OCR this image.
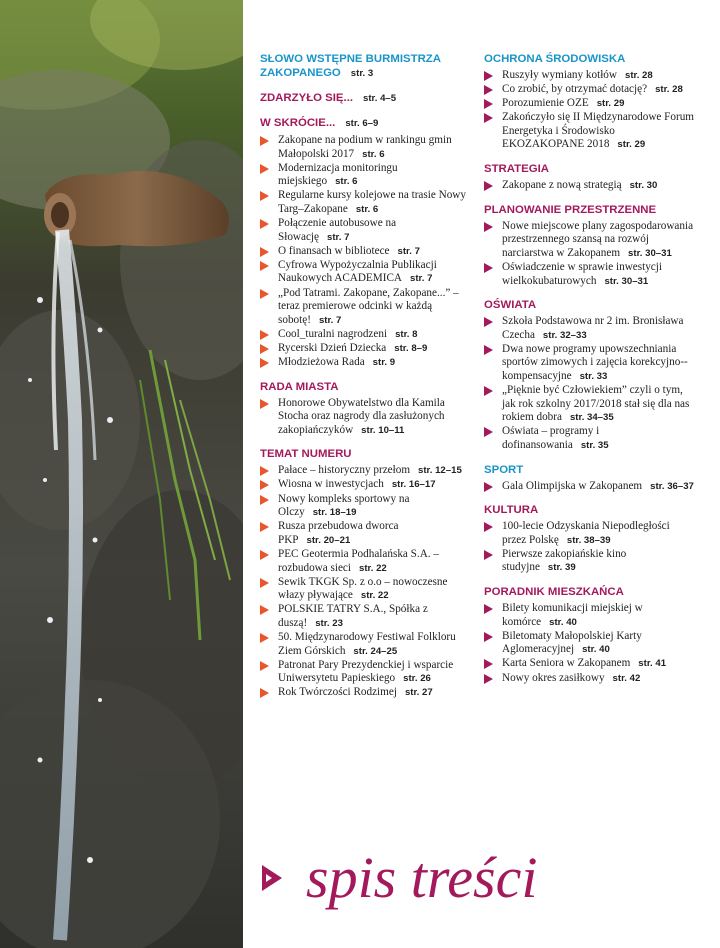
SŁOWO WSTĘPNE BURMISTRZA ZAKOPANEGO str. 3
ZDARZYŁO SIĘ... str. 4–5
W SKRÓCIE... str. 6–9
Zakopane na podium w rankingu gmin Małopolski 2017 str. 6
Modernizacja monitoringu miejskiego str. 6
Regularne kursy kolejowe na trasie Nowy Targ–Zakopane str. 6
Połączenie autobusowe na Słowację str. 7
O finansach w bibliotece str. 7
Cyfrowa Wypożyczalnia Publikacji Naukowych ACADEMICA str. 7
„Pod Tatrami. Zakopane, Zakopane...” – teraz premierowe odcinki w każdą sobotę! str. 7
Cool_turalni nagrodzeni str. 8
Rycerski Dzień Dziecka str. 8–9
Młodzieżowa Rada str. 9
RADA MIASTA
Honorowe Obywatelstwo dla Kamila Stocha oraz nagrody dla zasłużonych zakopiańczyków str. 10–11
TEMAT NUMERU
Pałace – historyczny przełom str. 12–15
Wiosna w inwestycjach str. 16–17
Nowy kompleks sportowy na Olczy str. 18–19
Rusza przebudowa dworca PKP str. 20–21
PEC Geotermia Podhalańska S.A. – rozbudowa sieci str. 22
Sewik TKGK Sp. z o.o – nowoczesne włazy pływające str. 22
POLSKIE TATRY S.A., Spółka z duszą! str. 23
50. Międzynarodowy Festiwal Folkloru Ziem Górskich str. 24–25
Patronat Pary Prezydenckiej i wsparcie Uniwersytetu Papieskiego str. 26
Rok Twórczości Rodzimej str. 27
OCHRONA ŚRODOWISKA
Ruszyły wymiany kotłów str. 28
Co zrobić, by otrzymać dotację? str. 28
Porozumienie OZE str. 29
Zakończyło się II Międzynarodowe Forum Energetyka i Środowisko EKOZAKOPANE 2018 str. 29
STRATEGIA
Zakopane z nową strategią str. 30
PLANOWANIE PRZESTRZENNE
Nowe miejscowe plany zagospodarowania przestrzennego szansą na rozwój narciarstwa w Zakopanem str. 30–31
Oświadczenie w sprawie inwestycji wielkokubaturowych str. 30–31
OŚWIATA
Szkoła Podstawowa nr 2 im. Bronisława Czecha str. 32–33
Dwa nowe programy upowszechniania sportów zimowych i zajęcia korekcyjno--kompensacyjne str. 33
„Pięknie być Człowiekiem” czyli o tym, jak rok szkolny 2017/2018 stał się dla nas rokiem dobra str. 34–35
Oświata – programy i dofinansowania str. 35
SPORT
Gala Olimpijska w Zakopanem str. 36–37
KULTURA
100-lecie Odzyskania Niepodległości przez Polskę str. 38–39
Pierwsze zakopiańskie kino studyjne str. 39
PORADNIK MIESZKAŃCA
Bilety komunikacji miejskiej w komórce str. 40
Biletomaty Małopolskiej Karty Aglomeracyjnej str. 40
Karta Seniora w Zakopanem str. 41
Nowy okres zasiłkowy str. 42
spis treści
